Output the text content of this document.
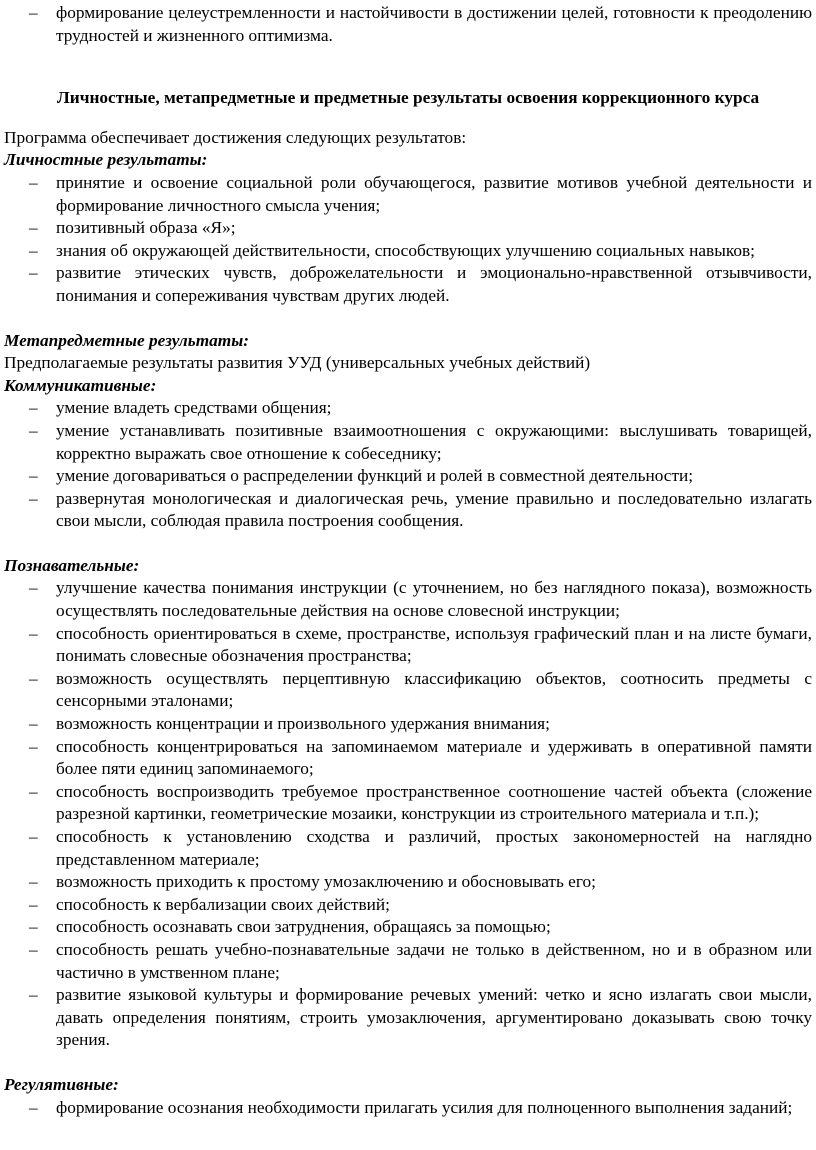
– формирование целеустремленности и настойчивости в достижении целей, готовности к преодолению трудностей и жизненного оптимизма.
Личностные, метапредметные и предметные результаты освоения коррекционного курса

Программа обеспечивает достижения следующих результатов:

Личностные результаты:

– принятие и освоение социальной роли обучающегося, развитие мотивов учебной деятельности и формирование личностного смысла учения;
– позитивный образа «Я»;
– знания об окружающей действительности, способствующих улучшению социальных навыков;
– развитие этических чувств, доброжелательности и эмоционально-нравственной отзывчивости, понимания и сопереживания чувствам других людей.

Метапредметные результаты:

Предполагаемые результаты развития УУД (универсальных учебных действий)

Коммуникативные:

– умение владеть средствами общения;
– умение устанавливать позитивные взаимоотношения с окружающими: выслушивать товарищей, корректно выражать свое отношение к собеседнику;
– умение договариваться о распределении функций и ролей в совместной деятельности;
– развернутая монологическая и диалогическая речь, умение правильно и последовательно излагать свои мысли, соблюдая правила построения сообщения.

Познавательные:

– улучшение качества понимания инструкции (с уточнением, но без наглядного показа), возможность осуществлять последовательные действия на основе словесной инструкции;
– способность ориентироваться в схеме, пространстве, используя графический план и на листе бумаги, понимать словесные обозначения пространства;
– возможность осуществлять перцептивную классификацию объектов, соотносить предметы с сенсорными эталонами;
– возможность концентрации и произвольного удержания внимания;
– способность концентрироваться на запоминаемом материале и удерживать в оперативной памяти более пяти единиц запоминаемого;
– способность воспроизводить требуемое пространственное соотношение частей объекта (сложение разрезной картинки, геометрические мозаики, конструкции из строительного материала и т.п.);
– способность к установлению сходства и различий, простых закономерностей на наглядно представленном материале;
– возможность приходить к простому умозаключению и обосновывать его;
– способность к вербализации своих действий;
– способность осознавать свои затруднения, обращаясь за помощью;
– способность решать учебно-познавательные задачи не только в действенном, но и в образном или частично в умственном плане;
– развитие языковой культуры и формирование речевых умений: четко и ясно излагать свои мысли, давать определения понятиям, строить умозаключения, аргументировано доказывать свою точку зрения.

Регулятивные:

– формирование осознания необходимости прилагать усилия для полноценного выполнения заданий;
